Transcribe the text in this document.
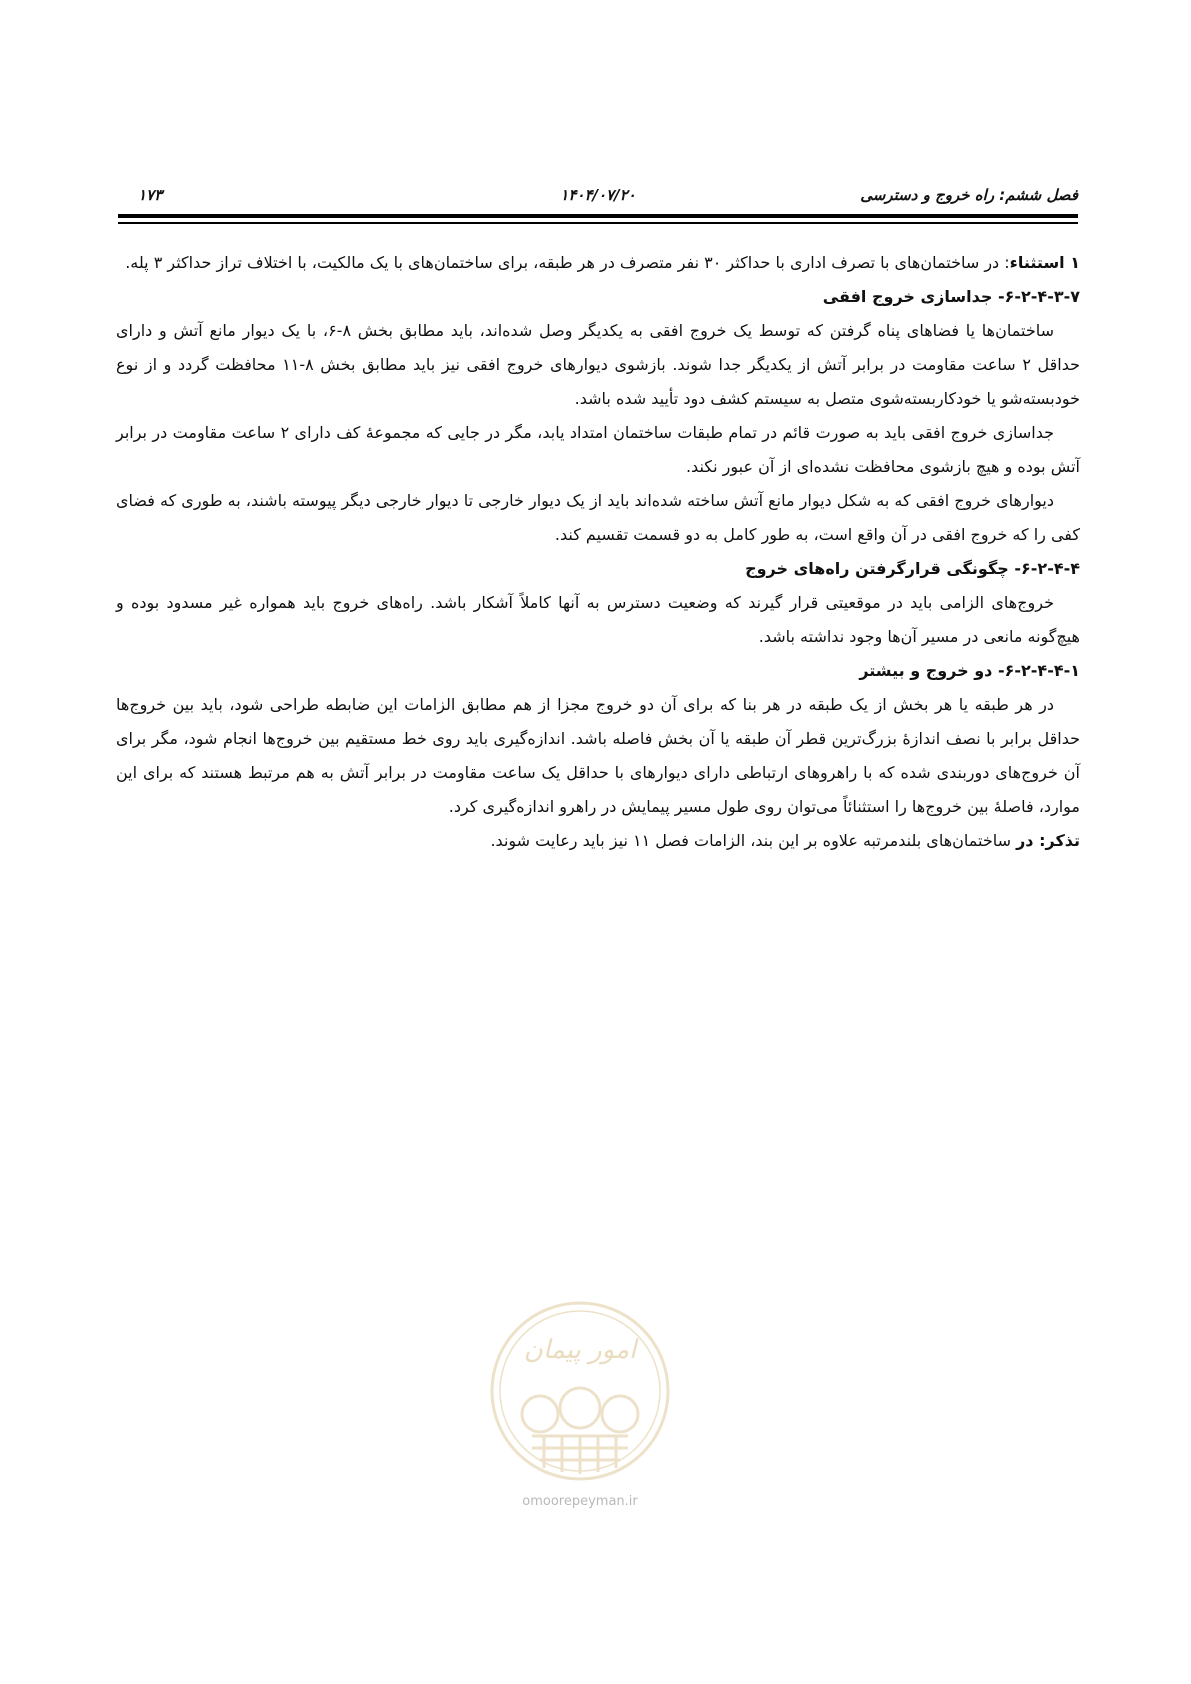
۱۷۳	۱۴۰۴/۰۷/۲۰	فصل ششم: راه خروج و دسترسی

۱ استثناء: در ساختمان‌های با تصرف اداری با حداکثر ۳۰ نفر متصرف در هر طبقه، برای ساختمان‌های با یک مالکیت، با اختلاف تراز حداکثر ۳ پله.

۶-۲-۴-۳-۷- جداسازی خروج افقی

ساختمان‌ها یا فضاهای پناه گرفتن که توسط یک خروج افقی به یکدیگر وصل شده‌اند، باید مطابق بخش ۸-۶، با یک دیوار مانع آتش و دارای حداقل ۲ ساعت مقاومت در برابر آتش از یکدیگر جدا شوند. بازشوی دیوارهای خروج افقی نیز باید مطابق بخش ۸-۱۱ محافظت گردد و از نوع خودبسته‌شو یا خودکاربسته‌شوی متصل به سیستم کشف دود تأیید شده باشد.

جداسازی خروج افقی باید به صورت قائم در تمام طبقات ساختمان امتداد یابد، مگر در جایی که مجموعهٔ کف دارای ۲ ساعت مقاومت در برابر آتش بوده و هیچ بازشوی محافظت نشده‌ای از آن عبور نکند.

دیوارهای خروج افقی که به شکل دیوار مانع آتش ساخته شده‌اند باید از یک دیوار خارجی تا دیوار خارجی دیگر پیوسته باشند، به طوری که فضای کفی را که خروج افقی در آن واقع است، به طور کامل به دو قسمت تقسیم کند.

۶-۲-۴-۴- چگونگی قرارگرفتن راه‌های خروج

خروج‌های الزامی باید در موقعیتی قرار گیرند که وضعیت دسترس به آنها کاملاً آشکار باشد. راه‌های خروج باید همواره غیر مسدود بوده و هیچ‌گونه مانعی در مسیر آن‌ها وجود نداشته باشد.

۶-۲-۴-۴-۱- دو خروج و بیشتر

در هر طبقه یا هر بخش از یک طبقه در هر بنا که برای آن دو خروج مجزا از هم مطابق الزامات این ضابطه طراحی شود، باید بین خروج‌ها حداقل برابر با نصف اندازهٔ بزرگ‌ترین قطر آن طبقه یا آن بخش فاصله باشد. اندازه‌گیری باید روی خط مستقیم بین خروج‌ها انجام شود، مگر برای آن خروج‌های دوربندی شده که با راهروهای ارتباطی دارای دیوارهای با حداقل یک ساعت مقاومت در برابر آتش به هم مرتبط هستند که برای این موارد، فاصلهٔ بین خروج‌ها را استثنائاً می‌توان روی طول مسیر پیمایش در راهرو اندازه‌گیری کرد.

تذکر: در ساختمان‌های بلندمرتبه علاوه بر این بند، الزامات فصل ۱۱ نیز باید رعایت شوند.

امور پیمان
omoorepeyman.ir
